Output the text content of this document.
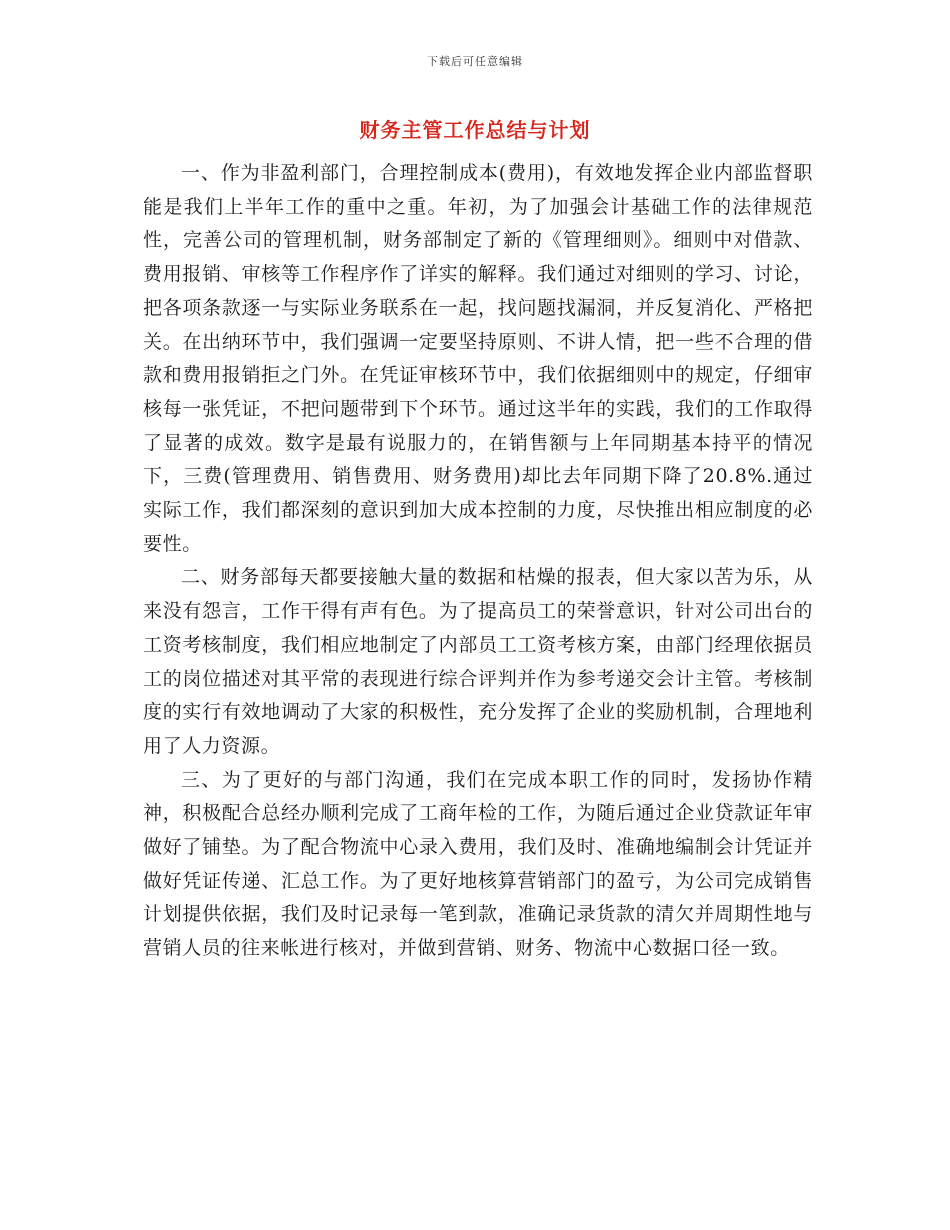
下载后可任意编辑
财务主管工作总结与计划

一、作为非盈利部门，合理控制成本(费用)，有效地发挥企业内部监督职能是我们上半年工作的重中之重。年初，为了加强会计基础工作的法律规范性，完善公司的管理机制，财务部制定了新的《管理细则》。细则中对借款、费用报销、审核等工作程序作了详实的解释。我们通过对细则的学习、讨论，把各项条款逐一与实际业务联系在一起，找问题找漏洞，并反复消化、严格把关。在出纳环节中，我们强调一定要坚持原则、不讲人情，把一些不合理的借款和费用报销拒之门外。在凭证审核环节中，我们依据细则中的规定，仔细审核每一张凭证，不把问题带到下个环节。通过这半年的实践，我们的工作取得了显著的成效。数字是最有说服力的，在销售额与上年同期基本持平的情况下，三费(管理费用、销售费用、财务费用)却比去年同期下降了20.8%.通过实际工作，我们都深刻的意识到加大成本控制的力度，尽快推出相应制度的必要性。

二、财务部每天都要接触大量的数据和枯燥的报表，但大家以苦为乐，从来没有怨言，工作干得有声有色。为了提高员工的荣誉意识，针对公司出台的工资考核制度，我们相应地制定了内部员工工资考核方案，由部门经理依据员工的岗位描述对其平常的表现进行综合评判并作为参考递交会计主管。考核制度的实行有效地调动了大家的积极性，充分发挥了企业的奖励机制，合理地利用了人力资源。

三、为了更好的与部门沟通，我们在完成本职工作的同时，发扬协作精神，积极配合总经办顺利完成了工商年检的工作，为随后通过企业贷款证年审做好了铺垫。为了配合物流中心录入费用，我们及时、准确地编制会计凭证并做好凭证传递、汇总工作。为了更好地核算营销部门的盈亏，为公司完成销售计划提供依据，我们及时记录每一笔到款，准确记录货款的清欠并周期性地与营销人员的往来帐进行核对，并做到营销、财务、物流中心数据口径一致。
